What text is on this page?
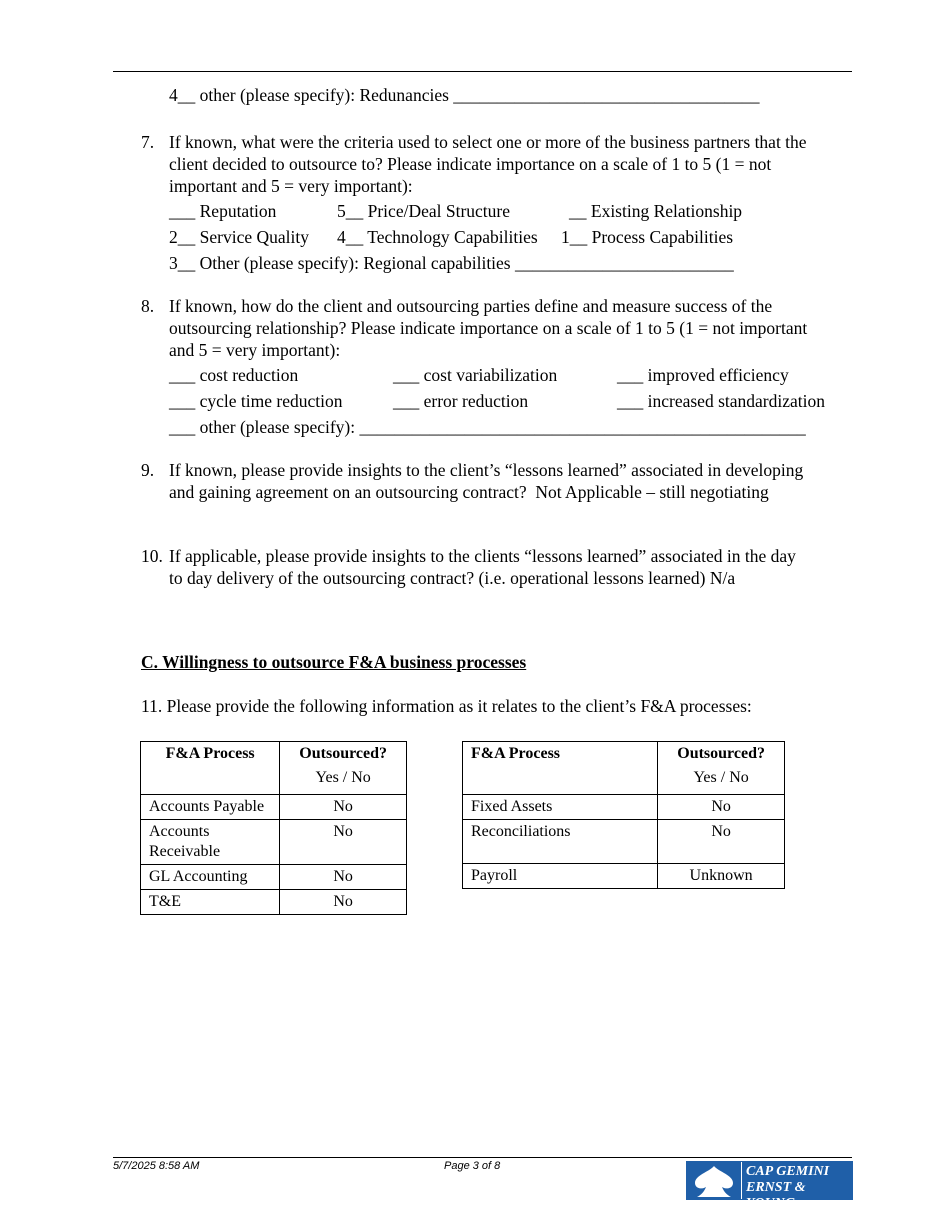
4__ other (please specify): Redunancies ___________________________________
7. If known, what were the criteria used to select one or more of the business partners that the
client decided to outsource to? Please indicate importance on a scale of 1 to 5 (1 = not
important and 5 = very important):
___ Reputation	5__ Price/Deal Structure	__ Existing Relationship
2__ Service Quality 4__ Technology Capabilities 1__ Process Capabilities
3__ Other (please specify): Regional capabilities _________________________
8. If known, how do the client and outsourcing parties define and measure success of the
outsourcing relationship? Please indicate importance on a scale of 1 to 5 (1 = not important
and 5 = very important):
___ cost reduction	___ cost variabilization	___ improved efficiency
___ cycle time reduction	___ error reduction	___ increased standardization
___ other (please specify): ___________________________________________________
9. If known, please provide insights to the client’s “lessons learned” associated in developing
and gaining agreement on an outsourcing contract?  Not Applicable – still negotiating
10. If applicable, please provide insights to the clients “lessons learned” associated in the day
to day delivery of the outsourcing contract? (i.e. operational lessons learned) N/a
C. Willingness to outsource F&A business processes
11. Please provide the following information as it relates to the client’s F&A processes:
F&A Process	Outsourced?
Yes / No

Accounts Payable	No
Accounts Receivable	No
GL Accounting	No
T&E	No
F&A Process	Outsourced?
Yes / No

Fixed Assets	No
Reconciliations	No
Payroll	Unknown
5/7/2025 8:58 AM	Page 3 of 8	CAP GEMINI
ERNST & YOUNG
